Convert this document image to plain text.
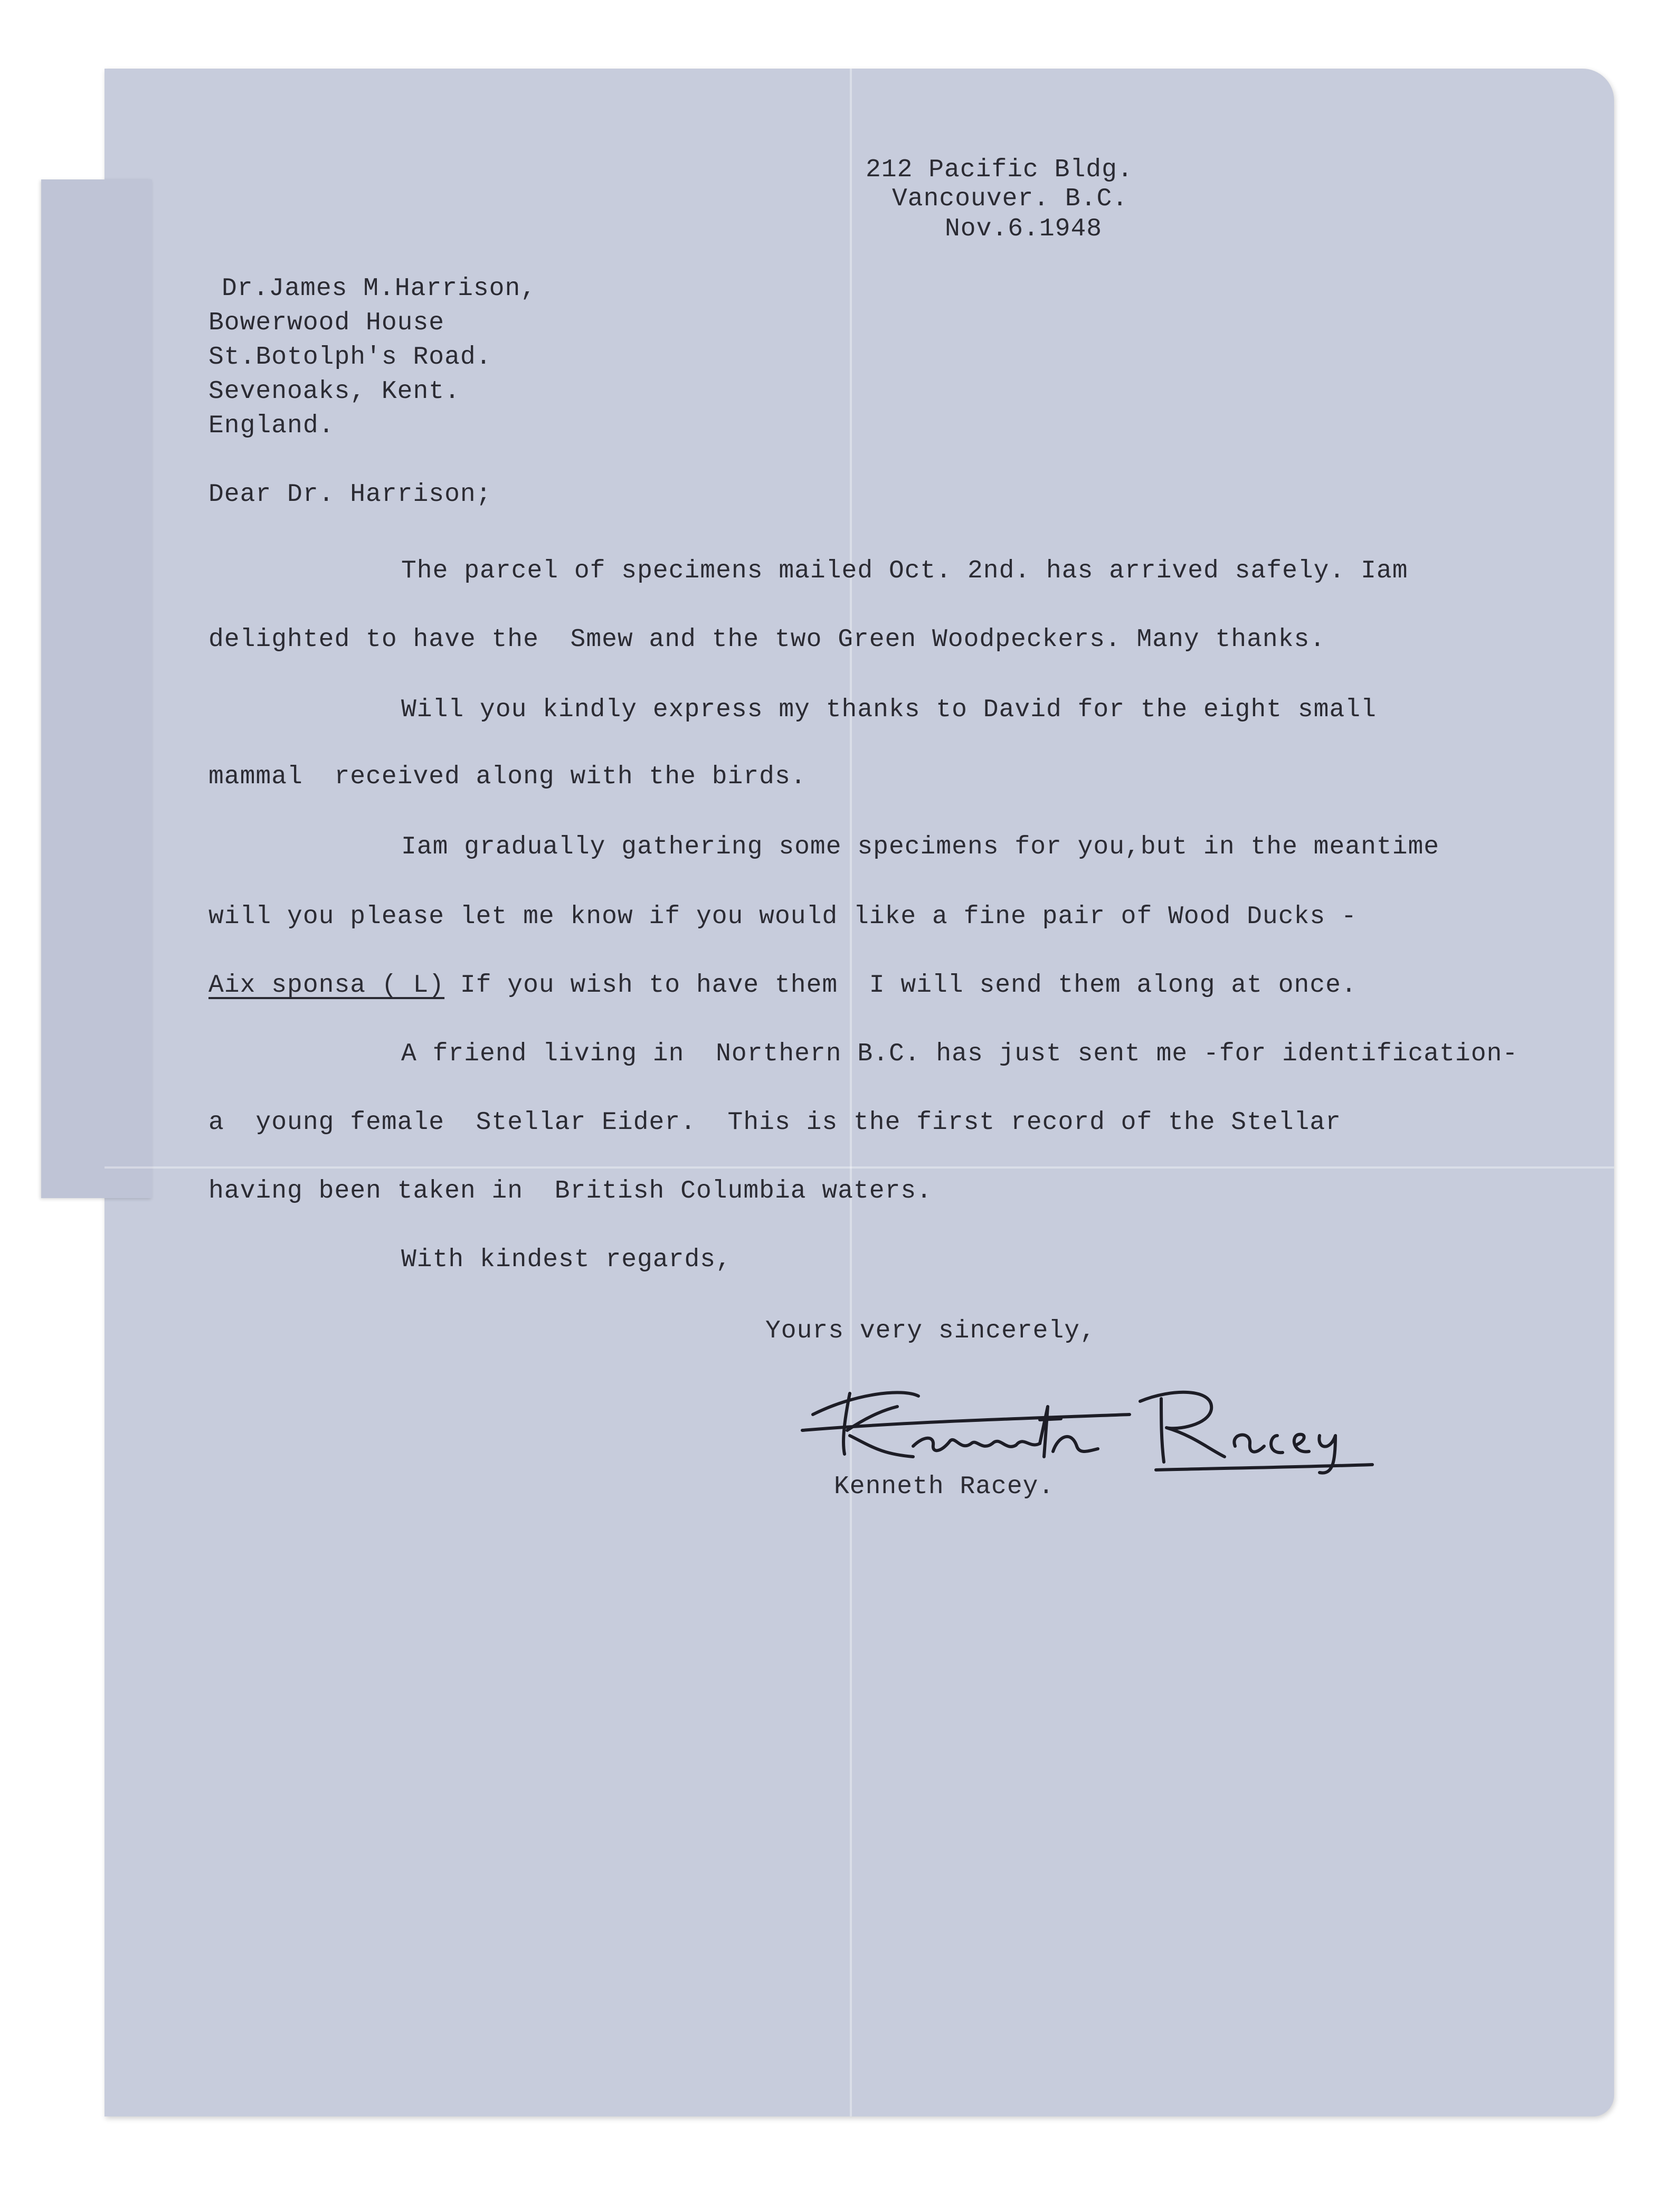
212 Pacific Bldg.
Vancouver. B.C.
Nov.6.1948
Dr.James M.Harrison,
Bowerwood House
St.Botolph's Road.
Sevenoaks, Kent.
England.
Dear Dr. Harrison;
The parcel of specimens mailed Oct. 2nd. has arrived safely. Iam
delighted to have the  Smew and the two Green Woodpeckers. Many thanks.
Will you kindly express my thanks to David for the eight small
mammal  received along with the birds.
Iam gradually gathering some specimens for you,but in the meantime
will you please let me know if you would like a fine pair of Wood Ducks -
Aix sponsa ( L) If you wish to have them  I will send them along at once.
A friend living in  Northern B.C. has just sent me -for identification-
a  young female  Stellar Eider.  This is the first record of the Stellar
having been taken in  British Columbia waters.
With kindest regards,
Yours very sincerely,
Kenneth Racey.
